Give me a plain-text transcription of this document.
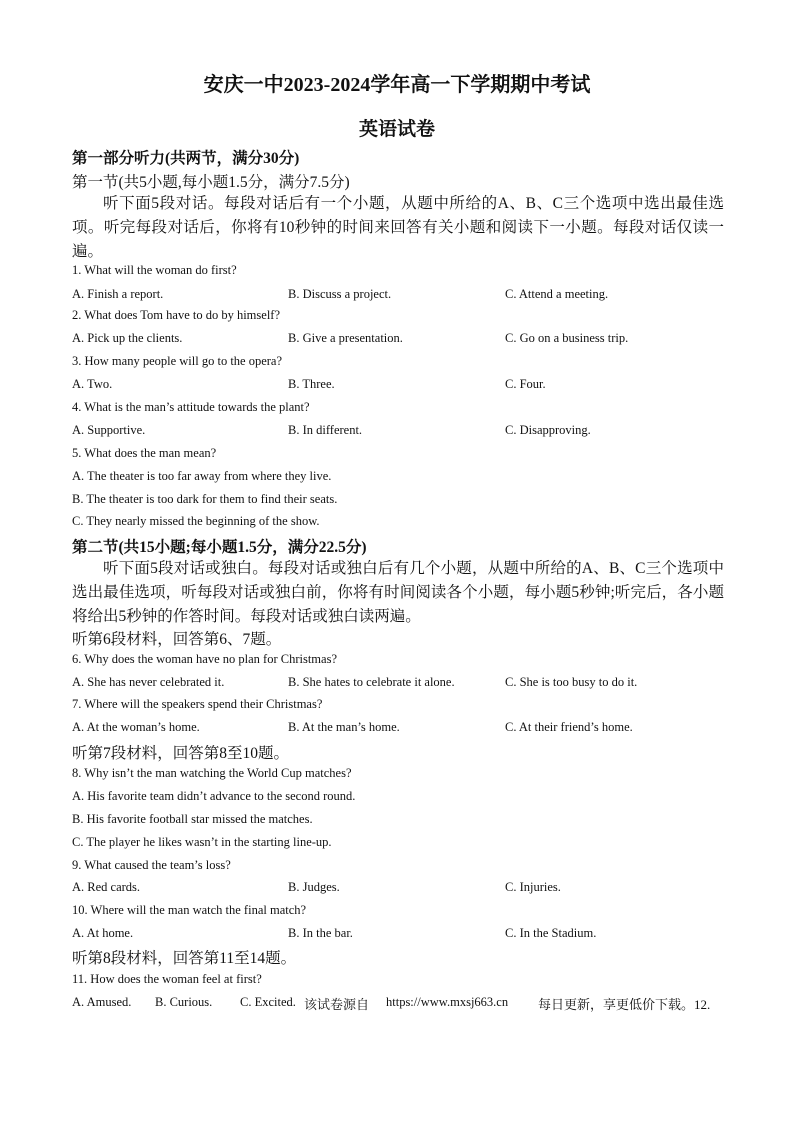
安庆一中2023-2024学年高一下学期期中考试
英语试卷
第一部分听力(共两节，满分30分)
第一节(共5小题,每小题1.5分，满分7.5分)
听下面5段对话。每段对话后有一个小题，从题中所给的A、B、C三个选项中选出最佳选项。听完每段对话后，你将有10秒钟的时间来回答有关小题和阅读下一小题。每段对话仅读一遍。
1. What will the woman do first?
A. Finish a report.	B. Discuss a project.	C. Attend a meeting.
2. What does Tom have to do by himself?
A. Pick up the clients.	B. Give a presentation.	C. Go on a business trip.
3. How many people will go to the opera?
A. Two.	B. Three.	C. Four.
4. What is the man’s attitude towards the plant?
A. Supportive.	B. In different.	C. Disapproving.
5. What does the man mean?
A. The theater is too far away from where they live.
B. The theater is too dark for them to find their seats.
C. They nearly missed the beginning of the show.
第二节(共15小题;每小题1.5分，满分22.5分)
听下面5段对话或独白。每段对话或独白后有几个小题，从题中所给的A、B、C三个选项中选出最佳选项，听每段对话或独白前，你将有时间阅读各个小题，每小题5秒钟;听完后，各小题将给出5秒钟的作答时间。每段对话或独白读两遍。
听第6段材料，回答第6、7题。
6. Why does the woman have no plan for Christmas?
A. She has never celebrated it.	B. She hates to celebrate it alone.	C. She is too busy to do it.
7. Where will the speakers spend their Christmas?
A. At the woman’s home.	B. At the man’s home.	C. At their friend’s home.
听第7段材料，回答第8至10题。
8. Why isn’t the man watching the World Cup matches?
A. His favorite team didn’t advance to the second round.
B. His favorite football star missed the matches.
C. The player he likes wasn’t in the starting line-up.
9. What caused the team’s loss?
A. Red cards.	B. Judges.	C. Injuries.
10. Where will the man watch the final match?
A. At home.	B. In the bar.	C. In the Stadium.
听第8段材料，回答第11至14题。
11. How does the woman feel at first?
A. Amused. B. Curious. C. Excited. 该试卷源自 https://www.mxsj663.cn 每日更新，享更低价下载。12.
